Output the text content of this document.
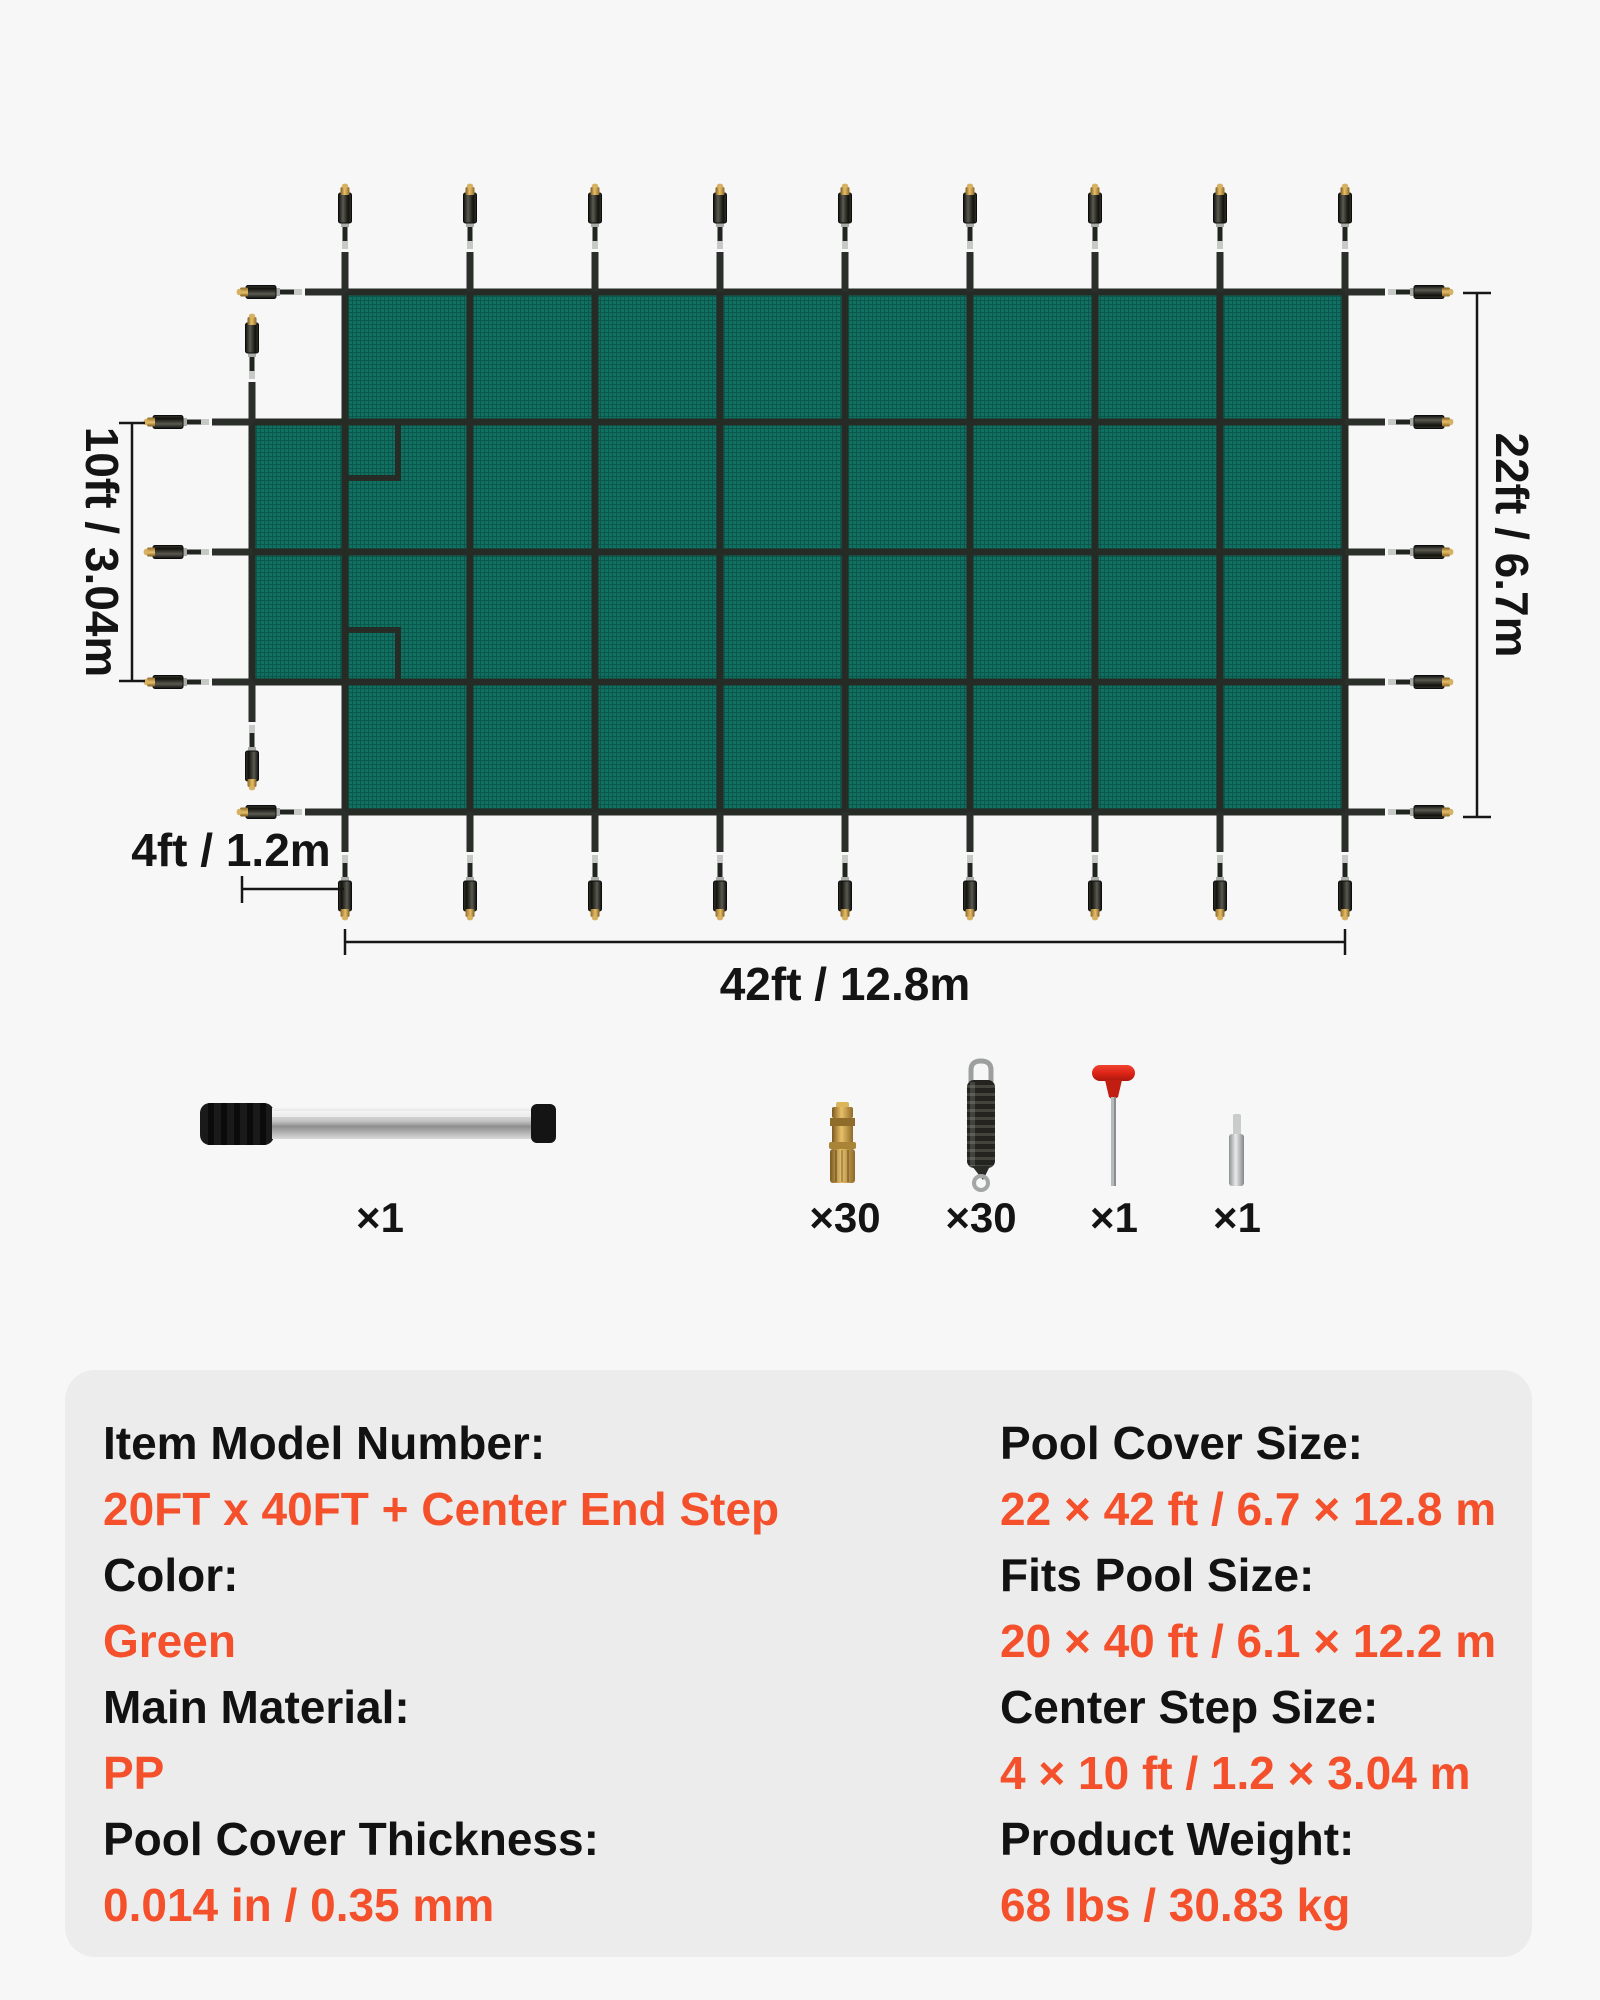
10ft / 3.04m	22ft / 6.7m
4ft / 1.2m
42ft / 12.8m
×1	×30 ×30 ×1 ×1
Item Model Number:
20FT x 40FT + Center End Step
Color:
Green
Main Material:
PP
Pool Cover Thickness:
0.014 in / 0.35 mm
Pool Cover Size:
22 × 42 ft / 6.7 × 12.8 m
Fits Pool Size:
20 × 40 ft / 6.1 × 12.2 m
Center Step Size:
4 × 10 ft / 1.2 × 3.04 m
Product Weight:
68 lbs / 30.83 kg
